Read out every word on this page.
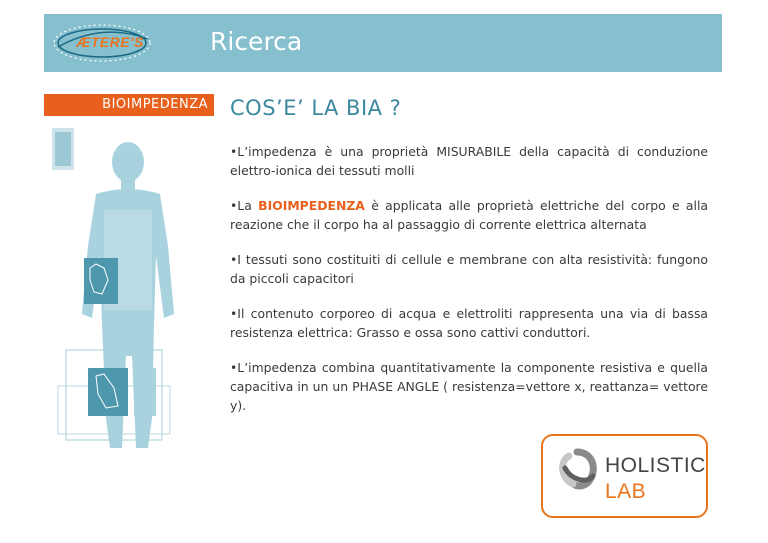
ÆTERE'S	Ricerca
BIOIMPEDENZA COS’E’ LA BIA ?

•L’impedenza è una proprietà MISURABILE della capacità di conduzione elettro-ionica dei tessuti molli

•La BIOIMPEDENZA è applicata alle proprietà elettriche del corpo e alla reazione che il corpo ha al passaggio di corrente elettrica alternata

•I tessuti sono costituiti di cellule e membrane con alta resistività: fungono da piccoli capacitori

•Il contenuto corporeo di acqua e elettroliti rappresenta una via di bassa resistenza elettrica: Grasso e ossa sono cattivi conduttori.

•L’impedenza combina quantitativamente la componente resistiva e quella capacitiva in un un PHASE ANGLE ( resistenza=vettore x, reattanza= vettore y).

HOLISTIC
LAB
